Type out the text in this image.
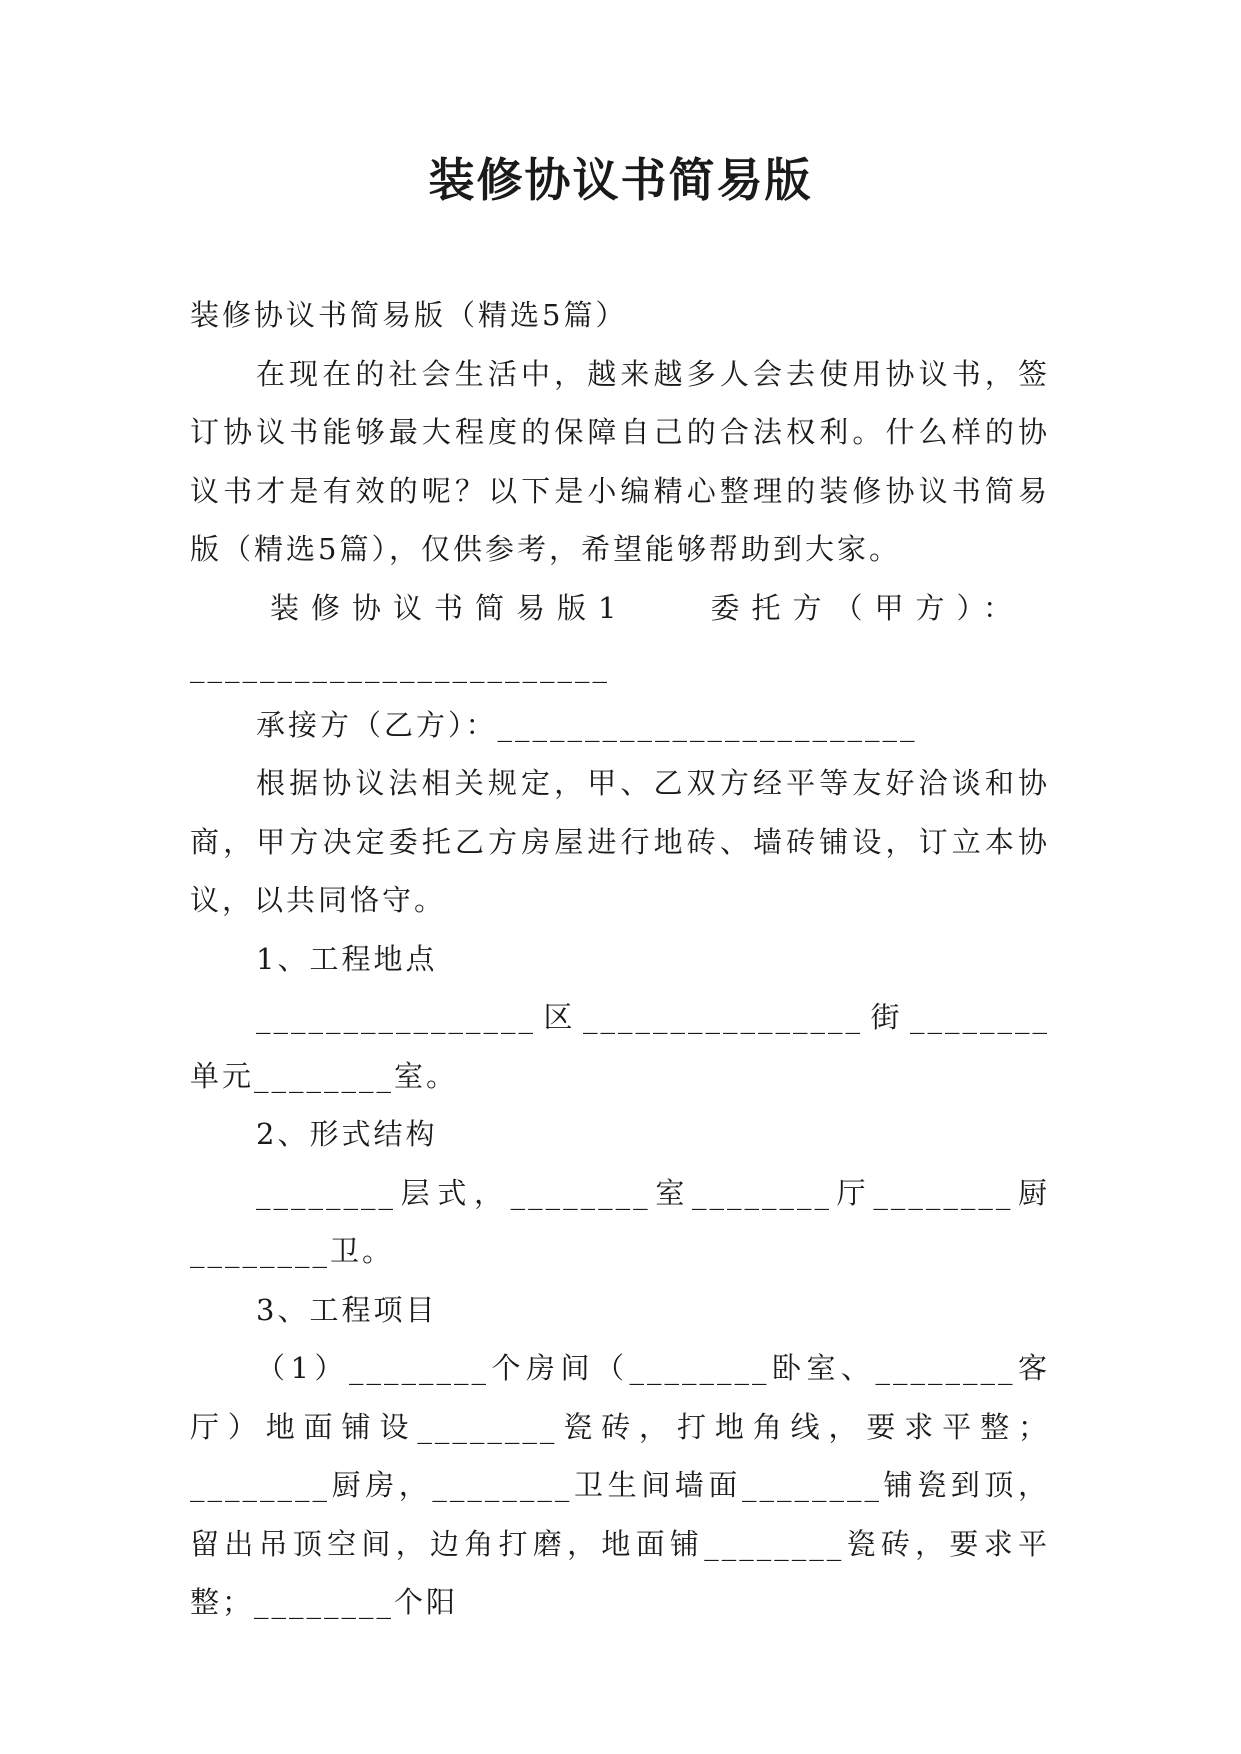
装修协议书简易版

装修协议书简易版（精选5篇）

在现在的社会生活中，越来越多人会去使用协议书，签订协议书能够最大程度的保障自己的合法权利。什么样的协议书才是有效的呢？以下是小编精心整理的装修协议书简易版（精选5篇），仅供参考，希望能够帮助到大家。

装修协议书简易版1　　委托方（甲方）：

________________________

承接方（乙方）：________________________

根据协议法相关规定，甲、乙双方经平等友好洽谈和协商，甲方决定委托乙方房屋进行地砖、墙砖铺设，订立本协议，以共同恪守。

1、工程地点

________________区________________街________单元________室。

2、形式结构

________层式，________室________厅________厨________卫。

3、工程项目

（1）________个房间（________卧室、________客厅）地面铺设________瓷砖，打地角线，要求平整；________厨房，________卫生间墙面________铺瓷到顶，留出吊顶空间，边角打磨，地面铺________瓷砖，要求平整；________个阳
